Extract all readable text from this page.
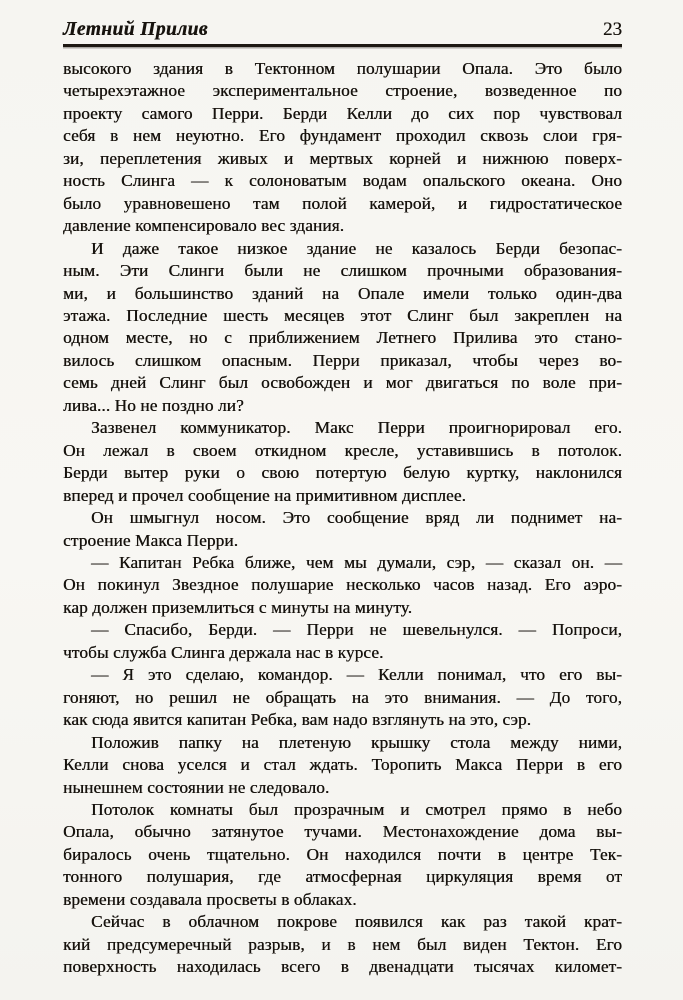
Летний Прилив	23
высокого здания в Тектонном полушарии Опала. Это было
четырехэтажное экспериментальное строение, возведенное по
проекту самого Перри. Берди Келли до сих пор чувствовал
себя в нем неуютно. Его фундамент проходил сквозь слои гря-
зи, переплетения живых и мертвых корней и нижнюю поверх-
ность Слинга — к солоноватым водам опальского океана. Оно
было уравновешено там полой камерой, и гидростатическое
давление компенсировало вес здания.
И даже такое низкое здание не казалось Берди безопас-
ным. Эти Слинги были не слишком прочными образования-
ми, и большинство зданий на Опале имели только один-два
этажа. Последние шесть месяцев этот Слинг был закреплен на
одном месте, но с приближением Летнего Прилива это стано-
вилось слишком опасным. Перри приказал, чтобы через во-
семь дней Слинг был освобожден и мог двигаться по воле при-
лива... Но не поздно ли?
Зазвенел коммуникатор. Макс Перри проигнорировал его.
Он лежал в своем откидном кресле, уставившись в потолок.
Берди вытер руки о свою потертую белую куртку, наклонился
вперед и прочел сообщение на примитивном дисплее.
Он шмыгнул носом. Это сообщение вряд ли поднимет на-
строение Макса Перри.
— Капитан Ребка ближе, чем мы думали, сэр, — сказал он. —
Он покинул Звездное полушарие несколько часов назад. Его аэро-
кар должен приземлиться с минуты на минуту.
— Спасибо, Берди. — Перри не шевельнулся. — Попроси,
чтобы служба Слинга держала нас в курсе.
— Я это сделаю, командор. — Келли понимал, что его вы-
гоняют, но решил не обращать на это внимания. — До того,
как сюда явится капитан Ребка, вам надо взглянуть на это, сэр.
Положив папку на плетеную крышку стола между ними,
Келли снова уселся и стал ждать. Торопить Макса Перри в его
нынешнем состоянии не следовало.
Потолок комнаты был прозрачным и смотрел прямо в небо
Опала, обычно затянутое тучами. Местонахождение дома вы-
биралось очень тщательно. Он находился почти в центре Тек-
тонного полушария, где атмосферная циркуляция время от
времени создавала просветы в облаках.
Сейчас в облачном покрове появился как раз такой крат-
кий предсумеречный разрыв, и в нем был виден Тектон. Его
поверхность находилась всего в двенадцати тысячах километ-
